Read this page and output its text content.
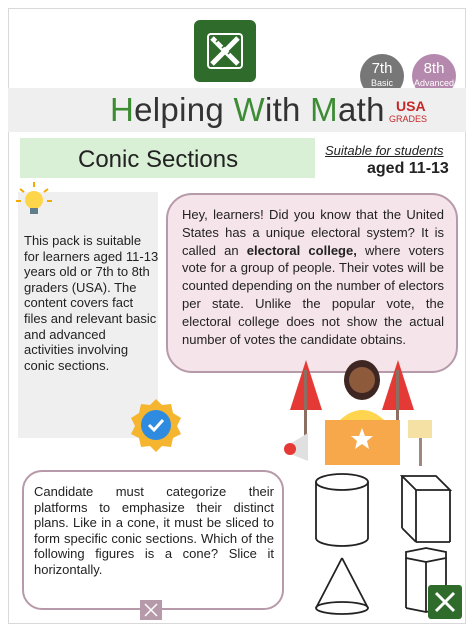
7th
Basic
8th
Advanced
Helping With Math USA
GRADES
Conic Sections	Suitable for students
aged 11-13
This pack is suitable for learners aged 11-13 years old or 7th to 8th graders (USA). The content covers fact files and relevant basic and advanced activities involving conic sections.
Hey, learners! Did you know that the United States has a unique electoral system? It is called an electoral college, where voters vote for a group of people. Their votes will be counted depending on the number of electors per state. Unlike the popular vote, the electoral college does not show the actual number of votes the candidate obtains.
Candidate must categorize their platforms to emphasize their distinct plans. Like in a cone, it must be sliced to form specific conic sections. Which of the following figures is a cone? Slice it horizontally.
